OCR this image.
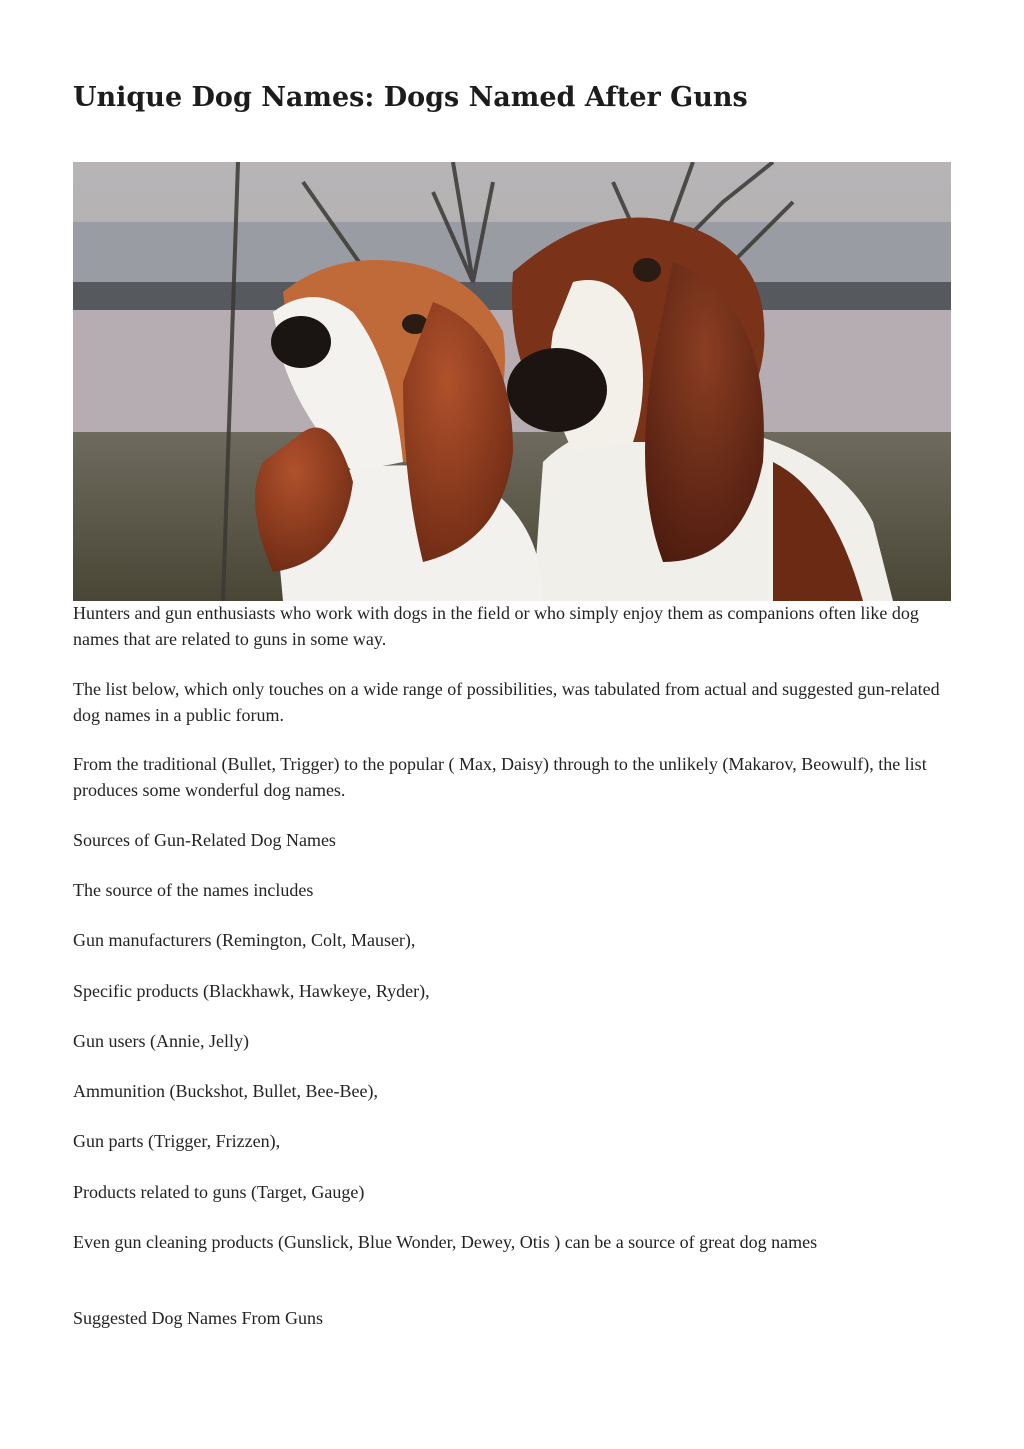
Unique Dog Names: Dogs Named After Guns

Hunters and gun enthusiasts who work with dogs in the field or who simply enjoy them as companions often like dog names that are related to guns in some way.

The list below, which only touches on a wide range of possibilities, was tabulated from actual and suggested gun-related dog names in a public forum.

From the traditional (Bullet, Trigger) to the popular ( Max, Daisy) through to the unlikely (Makarov, Beowulf), the list produces some wonderful dog names.

Sources of Gun-Related Dog Names

The source of the names includes

Gun manufacturers (Remington, Colt, Mauser),

Specific products (Blackhawk, Hawkeye, Ryder),

Gun users (Annie, Jelly)

Ammunition (Buckshot, Bullet, Bee-Bee),

Gun parts (Trigger, Frizzen),

Products related to guns (Target, Gauge)

Even gun cleaning products (Gunslick, Blue Wonder, Dewey, Otis ) can be a source of great dog names

Suggested Dog Names From Guns
